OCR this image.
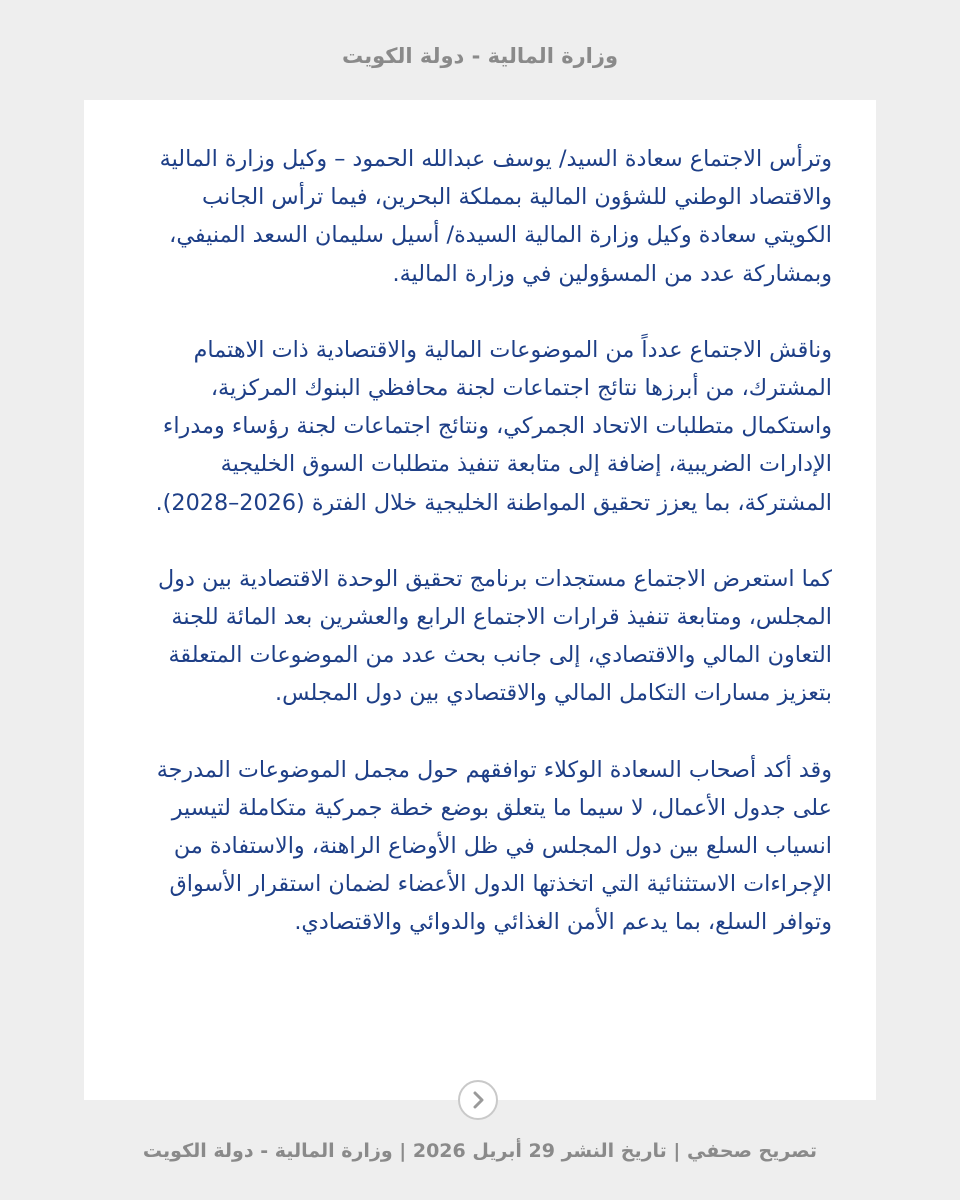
وزارة المالية - دولة الكويت

وترأس الاجتماع سعادة السيد/ يوسف عبدالله الحمود – وكيل وزارة المالية والاقتصاد الوطني للشؤون المالية بمملكة البحرين، فيما ترأس الجانب الكويتي سعادة وكيل وزارة المالية السيدة/ أسيل سليمان السعد المنيفي، وبمشاركة عدد من المسؤولين في وزارة المالية.

وناقش الاجتماع عدداً من الموضوعات المالية والاقتصادية ذات الاهتمام المشترك، من أبرزها نتائج اجتماعات لجنة محافظي البنوك المركزية، واستكمال متطلبات الاتحاد الجمركي، ونتائج اجتماعات لجنة رؤساء ومدراء الإدارات الضريبية، إضافة إلى متابعة تنفيذ متطلبات السوق الخليجية المشتركة، بما يعزز تحقيق المواطنة الخليجية خلال الفترة (2026–2028).

كما استعرض الاجتماع مستجدات برنامج تحقيق الوحدة الاقتصادية بين دول المجلس، ومتابعة تنفيذ قرارات الاجتماع الرابع والعشرين بعد المائة للجنة التعاون المالي والاقتصادي، إلى جانب بحث عدد من الموضوعات المتعلقة بتعزيز مسارات التكامل المالي والاقتصادي بين دول المجلس.

وقد أكد أصحاب السعادة الوكلاء توافقهم حول مجمل الموضوعات المدرجة على جدول الأعمال، لا سيما ما يتعلق بوضع خطة جمركية متكاملة لتيسير انسياب السلع بين دول المجلس في ظل الأوضاع الراهنة، والاستفادة من الإجراءات الاستثنائية التي اتخذتها الدول الأعضاء لضمان استقرار الأسواق وتوافر السلع، بما يدعم الأمن الغذائي والدوائي والاقتصادي.

تصريح صحفي | تاريخ النشر 29 أبريل 2026 | وزارة المالية - دولة الكويت
